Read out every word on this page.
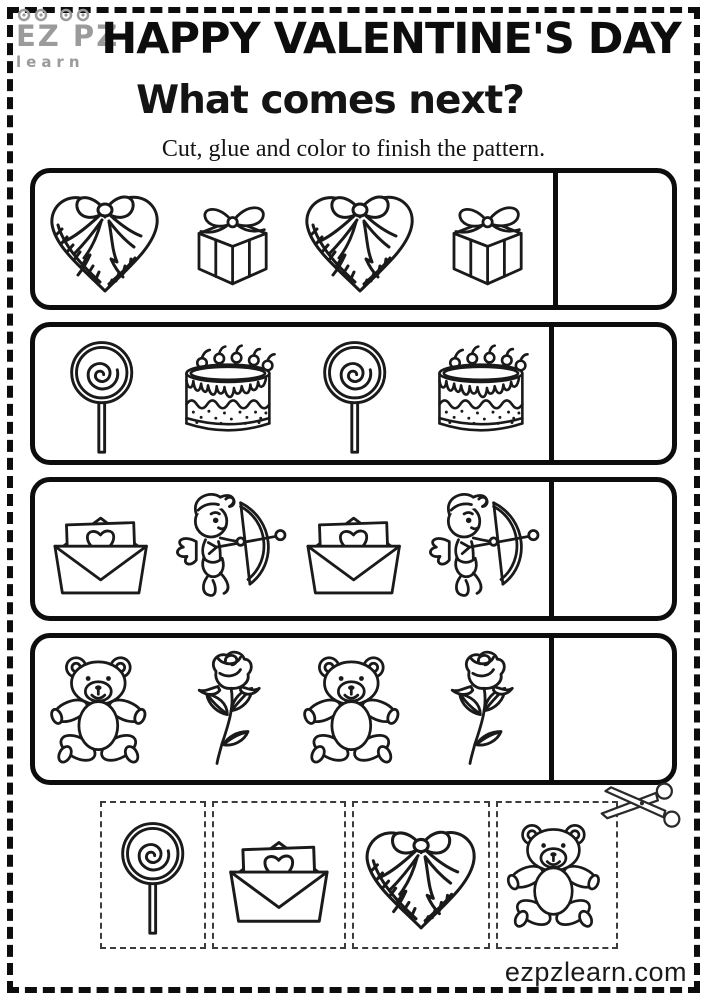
EZ PZ
learn HAPPY VALENTINE'S DAY
What comes next?
Cut, glue and color to finish the pattern.
ezpzlearn.com
